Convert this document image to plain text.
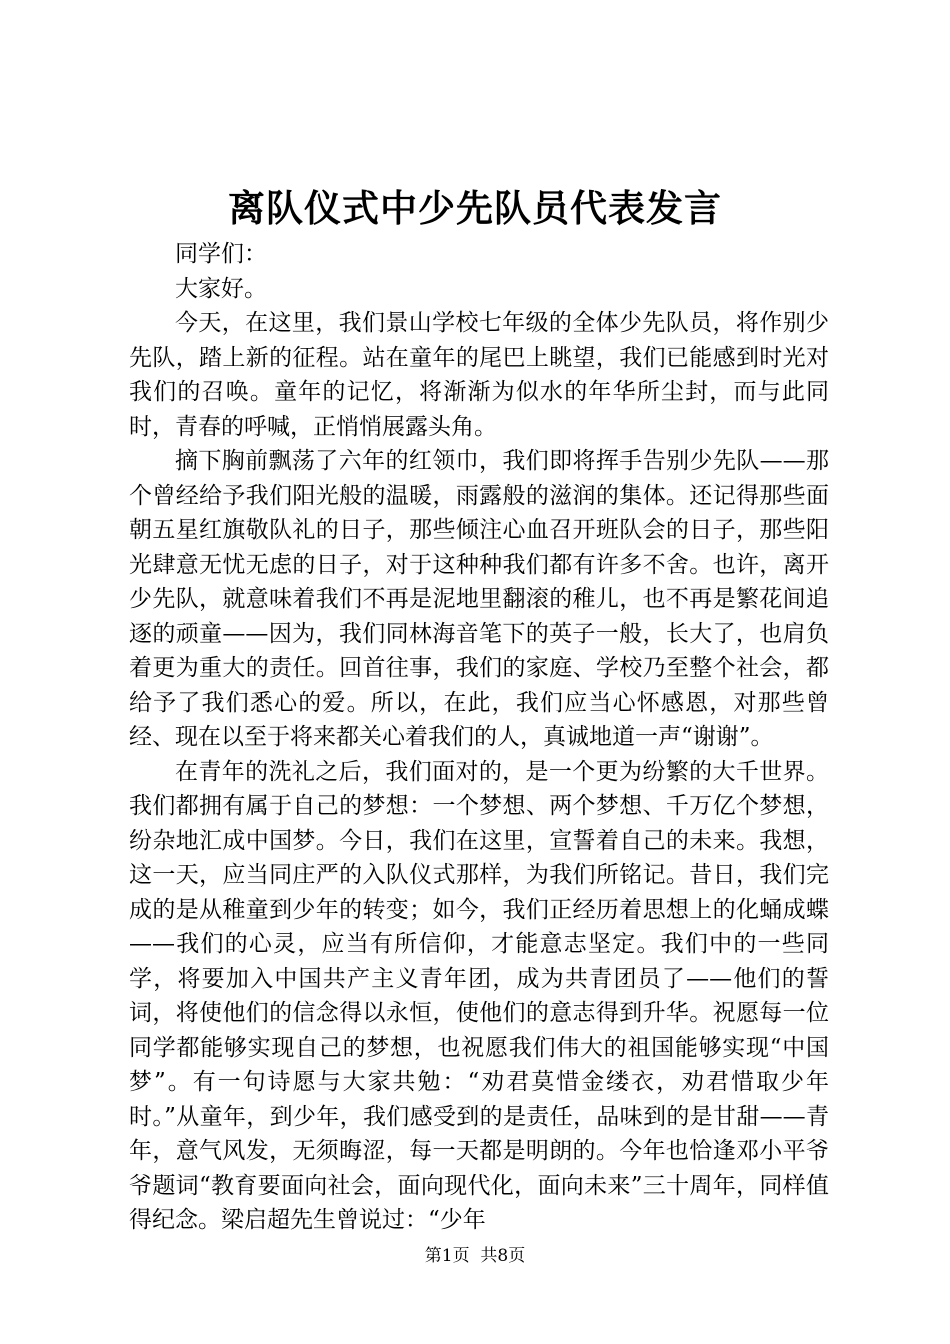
离队仪式中少先队员代表发言

同学们：

大家好。

今天，在这里，我们景山学校七年级的全体少先队员，将作别少先队，踏上新的征程。站在童年的尾巴上眺望，我们已能感到时光对我们的召唤。童年的记忆，将渐渐为似水的年华所尘封，而与此同时，青春的呼喊，正悄悄展露头角。

摘下胸前飘荡了六年的红领巾，我们即将挥手告别少先队——那个曾经给予我们阳光般的温暖，雨露般的滋润的集体。还记得那些面朝五星红旗敬队礼的日子，那些倾注心血召开班队会的日子，那些阳光肆意无忧无虑的日子，对于这种种我们都有许多不舍。也许，离开少先队，就意味着我们不再是泥地里翻滚的稚儿，也不再是繁花间追逐的顽童——因为，我们同林海音笔下的英子一般，长大了，也肩负着更为重大的责任。回首往事，我们的家庭、学校乃至整个社会，都给予了我们悉心的爱。所以，在此，我们应当心怀感恩，对那些曾经、现在以至于将来都关心着我们的人，真诚地道一声“谢谢”。

在青年的洗礼之后，我们面对的，是一个更为纷繁的大千世界。我们都拥有属于自己的梦想：一个梦想、两个梦想、千万亿个梦想，纷杂地汇成中国梦。今日，我们在这里，宣誓着自己的未来。我想，这一天，应当同庄严的入队仪式那样，为我们所铭记。昔日，我们完成的是从稚童到少年的转变；如今，我们正经历着思想上的化蛹成蝶——我们的心灵，应当有所信仰，才能意志坚定。我们中的一些同学，将要加入中国共产主义青年团，成为共青团员了——他们的誓词，将使他们的信念得以永恒，使他们的意志得到升华。祝愿每一位同学都能够实现自己的梦想，也祝愿我们伟大的祖国能够实现“中国梦”。有一句诗愿与大家共勉：“劝君莫惜金缕衣，劝君惜取少年时。”从童年，到少年，我们感受到的是责任，品味到的是甘甜——青年，意气风发，无须晦涩，每一天都是明朗的。今年也恰逢邓小平爷爷题词“教育要面向社会，面向现代化，面向未来”三十周年，同样值得纪念。梁启超先生曾说过：“少年

第1页 共8页
